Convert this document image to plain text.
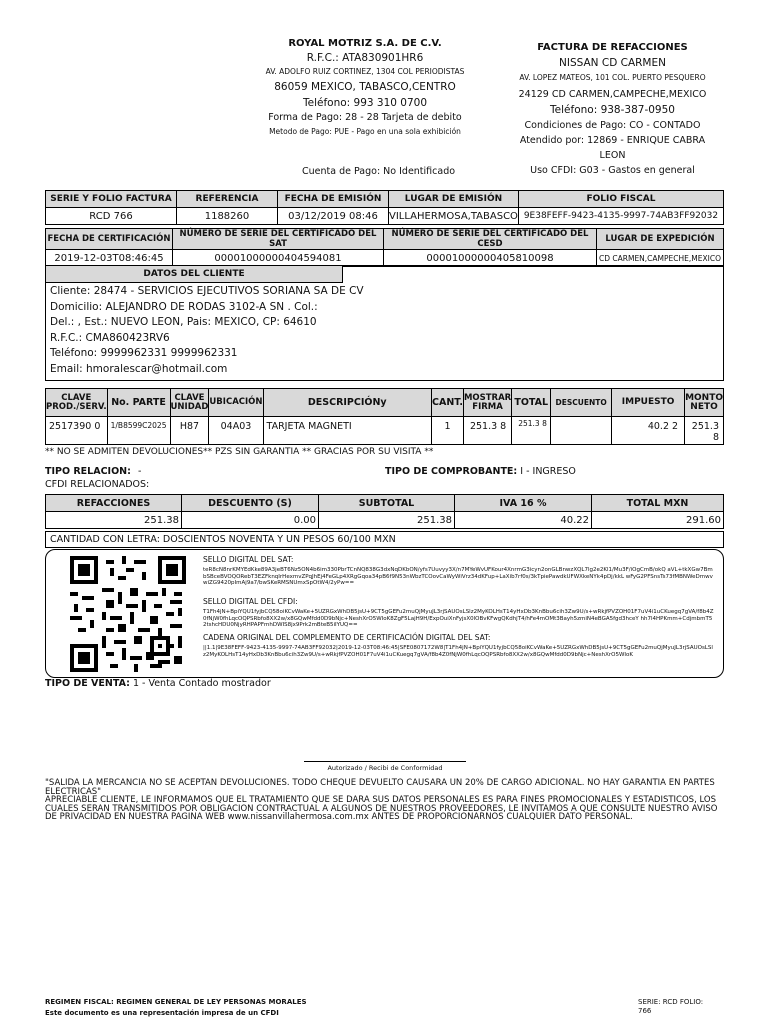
ROYAL MOTRIZ S.A. DE C.V.
R.F.C.: ATA830901HR6
AV. ADOLFO RUIZ CORTINEZ, 1304 COL PERIODISTAS
86059 MEXICO, TABASCO,CENTRO
Teléfono: 993 310 0700
Forma de Pago: 28 - 28 Tarjeta de debito
Metodo de Pago: PUE - Pago en una sola exhibición
Cuenta de Pago: No Identificado
FACTURA DE REFACCIONES
NISSAN CD CARMEN
AV. LOPEZ MATEOS, 101 COL. PUERTO PESQUERO
24129 CD CARMEN,CAMPECHE,MEXICO
Teléfono: 938-387-0950
Condiciones de Pago: CO - CONTADO
Atendido por: 12869 - ENRIQUE CABRA
LEON
Uso CFDI: G03 - Gastos en general
SERIE Y FOLIO FACTURA	REFERENCIA	FECHA DE EMISIÓN	LUGAR DE EMISIÓN	FOLIO FISCAL
RCD 766	1188260	03/12/2019 08:46	VILLAHERMOSA,TABASCO	9E38FEFF-9423-4135-9997-74AB3FF92032
FECHA DE CERTIFICACIÓN	NÚMERO DE SERIE DEL CERTIFICADO DEL SAT	NÚMERO DE SERIE DEL CERTIFICADO DEL CESD	LUGAR DE EXPEDICIÓN
2019-12-03T08:46:45	00001000000404594081	00001000000405810098	CD CARMEN,CAMPECHE,MEXICO
DATOS DEL CLIENTE
Cliente: 28474 - SERVICIOS EJECUTIVOS SORIANA SA DE CV
Domicilio: ALEJANDRO DE RODAS 3102-A SN . Col.:
Del.: , Est.: NUEVO LEON, Pais: MEXICO, CP: 64610
R.F.C.: CMA860423RV6
Teléfono: 9999962331 9999962331
Email: hmoralescar@hotmail.com
CLAVE PROD./SERV.	No. PARTE	CLAVE UNIDAD	UBICACIÓN	DESCRIPCIÓNy	CANT.	MOSTRAR FIRMA	TOTAL	DESCUENTO	IMPUESTO	MONTO NETO
2517390 0	1/B8599C2025	H87	04A03	TARJETA MAGNETI	1	251.3 8	251.3 8		40.2 2	251.3 8
** NO SE ADMITEN DEVOLUCIONES** PZS SIN GARANTIA ** GRACIAS POR SU VISITA **
TIPO RELACION: -	TIPO DE COMPROBANTE: I - INGRESO
CFDI RELACIONADOS:
REFACCIONES	DESCUENTO (S)	SUBTOTAL	IVA 16 %	TOTAL MXN
251.38	0.00	251.38	40.22	291.60
CANTIDAD CON LETRA: DOSCIENTOS NOVENTA Y UN PESOS 60/100 MXN
SELLO DIGITAL DEL SAT:
teR8cN8nrKMYEdKke89A3jeBT6Nz5ON4b6im330PbrTCnNQ838G3dxNqDKbON/yfs7Uuvyy3X/n7MYeWvUFKour4XnrmG3icyn2onGLBnwzXQL7lg2e2Kl1/Mu3F/iOgCmB/okQ aVL+tkXGw7BmbSBceBVOQORebT3EZFknqIrHexmvZPqJhEj4FeGLp4XRgGqoa34pB6f9N53nWbzTCOovCaWyWiVrz34dKFup+LaXib7rf0s/3kTpiePawdkUFWXkeNYk4pDj/kkL wFyG2PFSnsTs73fMBNWeDmwvwiZG9420pImAj9a7/bwSKeRMSNUmxSpOtW4/2yPw==
SELLO DIGITAL DEL CFDI:
T1Fh4jN+BpiYQU1fyjbCQ58oiKCvWaKe+5UZRGxWhDB5jsU+9CT5gGEFu2muQjMyuJL3rjSAUOsLSlz2MyKOLHsT14yHxDb3KnBbu6cih3Zw9U/s+wRkjfPVZOH01F7uV4i1uCKuegq7gVA/f8b4Z0fNjW0fhLqcOQPSRbfo8XX2w/x8GQwMfdd0D9bNjc+NeshXrO5WIoK8ZgF5LajH9H/ExpOuiXnFyjsX0lOBvKFwgQKdhjT4/hFe4mOMt3Bayh5zmiN4eBGA5fgd3hceY hh7l4HPKmm+CdjmbmT52tshcHDU0NjyRHPAPFmhDWIS8jx9Prk2mBteB5iIYUQ==
CADENA ORIGINAL DEL COMPLEMENTO DE CERTIFICACIÓN DIGITAL DEL SAT:
||1.1|9E38FEFF-9423-4135-9997-74AB3FF92032|2019-12-03T08:46:45|SFE0807172W8|T1Fh4jN+BpiYQU1fyjbCQ58oiKCvWaKe+5UZRGxWhDB5jsU+9CT5gGEFu2muQjMyuJL3rjSAUOsLSlz2MyKOLHsT14yHxDb3KnBbu6cih3Zw9U/s+wRkjfPVZOH01F7uV4i1uCKuegq7gVA/f8b4Z0fNjW0fhLqcOQPSRbfo8XX2w/x8GQwMfdd0D9bNjc+NeshXrO5WIoK
TIPO DE VENTA: 1 - Venta Contado mostrador
Autorizado / Recibi de Conformidad
"SALIDA LA MERCANCIA NO SE ACEPTAN DEVOLUCIONES. TODO CHEQUE DEVUELTO CAUSARA UN 20% DE CARGO ADICIONAL. NO HAY GARANTIA EN PARTES ELECTRICAS"
APRECIABLE CLIENTE, LE INFORMAMOS QUE EL TRATAMIENTO QUE SE DARA SUS DATOS PERSONALES ES PARA FINES PROMOCIONALES Y ESTADISTICOS, LOS CUALES SERAN TRANSMITIDOS POR OBLIGACION CONTRACTUAL A ALGUNOS DE NUESTROS PROVEEDORES, LE INVITAMOS A QUE CONSULTE NUESTRO AVISO DE PRIVACIDAD EN NUESTRA PAGINA WEB www.nissanvillahermosa.com.mx ANTES DE PROPORCIONARNOS CUALQUIER DATO PERSONAL.
REGIMEN FISCAL: REGIMEN GENERAL DE LEY PERSONAS MORALES
Este documento es una representación impresa de un CFDI
SERIE: RCD FOLIO:
766
